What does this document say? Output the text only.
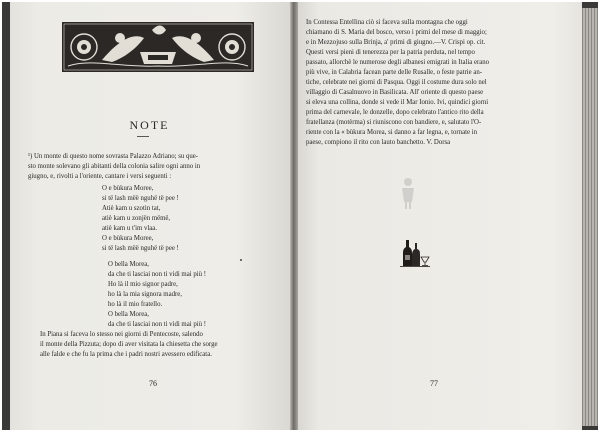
NOTE
¹) Un monte di questo nome sovrasta Palazzo Adriano; su que-
sto monte solevano gli abitanti della colonia salire ogni anno in
giugno, e, rivolti a l'oriente, cantare i versi seguenti :
O e bùkura Moree,
si të lash mëë nguhë të pee !
Atiè kam u szotin tat,
atiè kam u zonjën mëmë,
atiè kam u t'im vlaa.
O e bùkura Moree,
si të lash mëë nguhë të pee !
O bella Morea,
da che ti lasciai non ti vidi mai più !
Ho là il mio signor padre,
ho là la mia signora madre,
ho là il mio fratello.
O bella Morea,
da che ti lasciai non ti vidi mai più !
In Piana si faceva lo stesso nei giorni di Pentecoste, salendo
il monte della Pizzuta; dopo di aver visitata la chiesetta che sorge
alle falde e che fu la prima che i padri nostri avessero edificata.
76
In Contessa Entellina ciò si faceva sulla montagna che oggi
chiamano di S. Maria del bosco, verso i primi del mese di maggio;
e in Mezzojuso sulla Brinja, a' primi di giugno.—V. Crispi op. cit.
Questi versi pieni di tenerezza per la patria perduta, nel tempo
passato, allorchè le numerose degli albanesi emigrati in Italia erano
più vive, in Calabria facean parte delle Rusalle, o feste patrie an-
tiche, celebrate nei giorni di Pasqua. Oggi il costume dura solo nel
villaggio di Casalnuovo in Basilicata. All' oriente di questo paese
si eleva una collina, donde si vede il Mar Ionio. Ivi, quindici giorni
prima del carnevale, le donzelle, dopo celebrato l'antico rito della
fratellanza (motèrma) si riuniscono con bandiere, e, salutato l'O-
riente con la « bùkura Morea, si danno a far legna, e, tornate in
paese, compiono il rito con lauto banchetto. V. Dorsa
77
